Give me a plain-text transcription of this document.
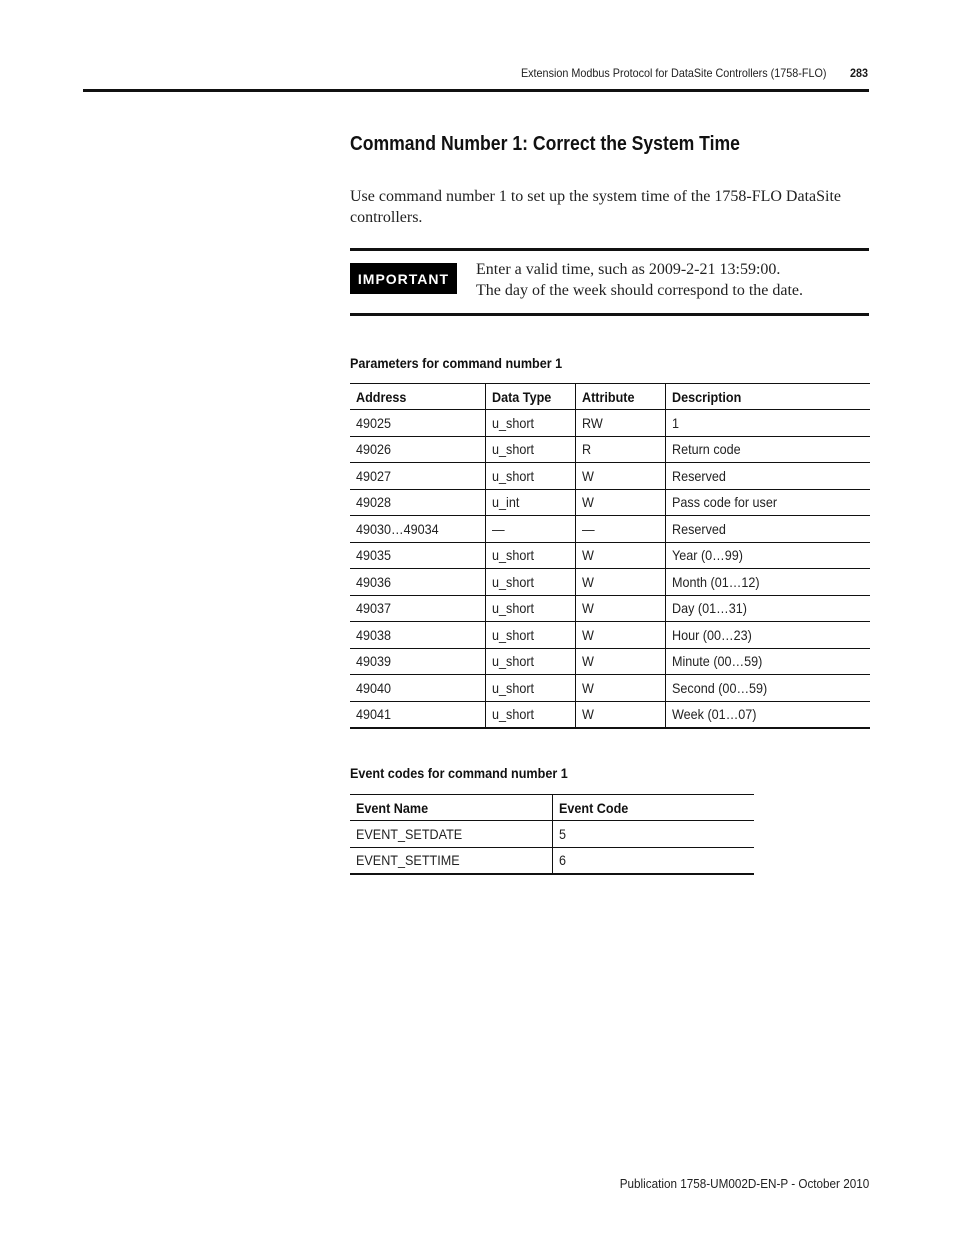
Extension Modbus Protocol for DataSite Controllers (1758-FLO) 283
Command Number 1: Correct the System Time
Use command number 1 to set up the system time of the 1758-FLO DataSite controllers.
IMPORTANT
Enter a valid time, such as 2009-2-21 13:59:00.
The day of the week should correspond to the date.
Parameters for command number 1
Address	Data Type	Attribute	Description
49025	u_short	RW	1
49026	u_short	R	Return code
49027	u_short	W	Reserved
49028	u_int	W	Pass code for user
49030…49034	—	—	Reserved
49035	u_short	W	Year (0…99)
49036	u_short	W	Month (01…12)
49037	u_short	W	Day (01…31)
49038	u_short	W	Hour (00…23)
49039	u_short	W	Minute (00…59)
49040	u_short	W	Second (00…59)
49041	u_short	W	Week (01…07)
Event codes for command number 1
Event Name	Event Code
EVENT_SETDATE	5
EVENT_SETTIME	6
Publication 1758-UM002D-EN-P - October 2010
